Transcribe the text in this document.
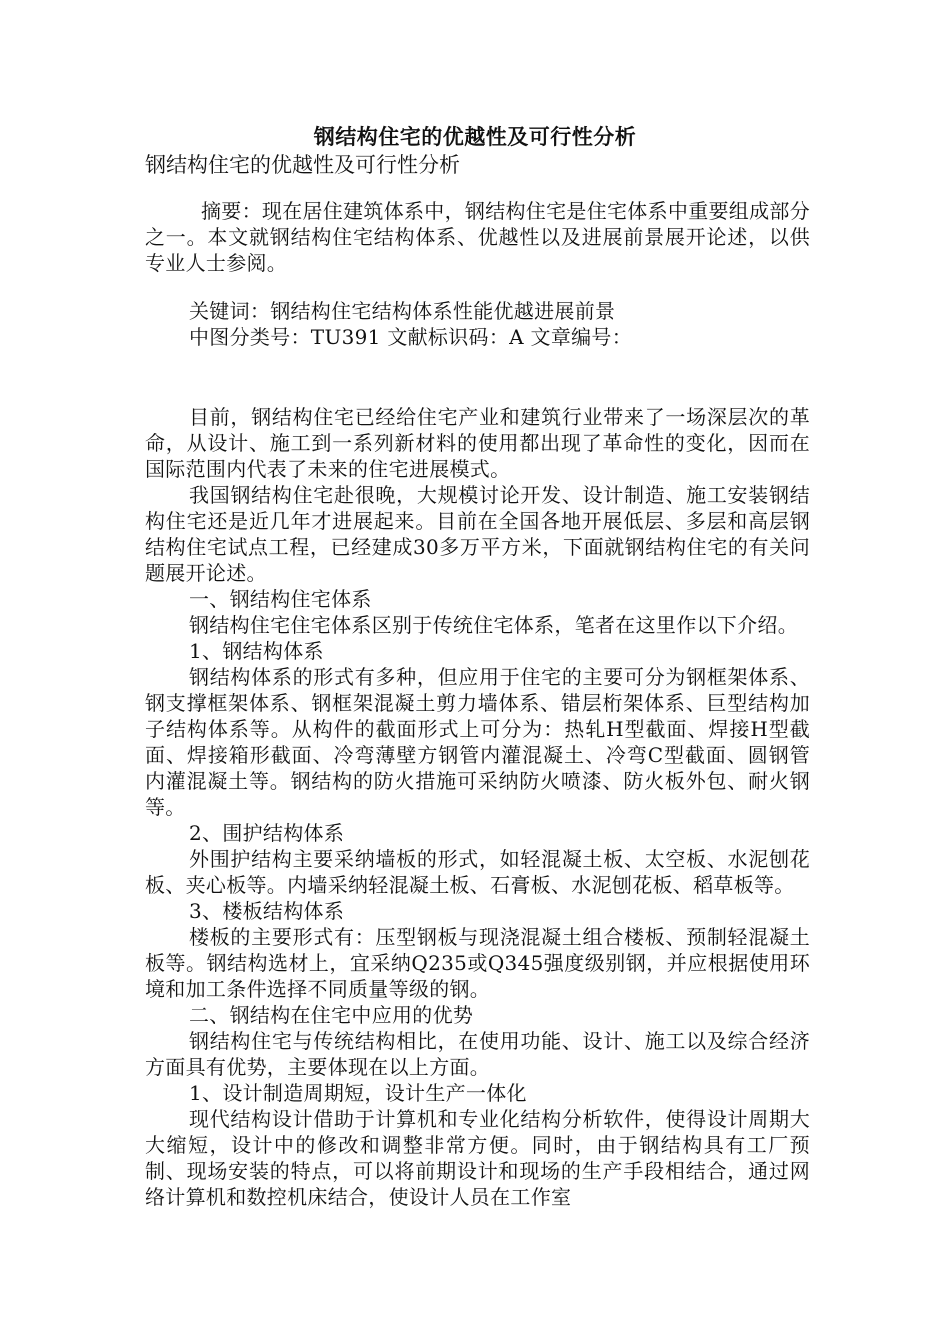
钢结构住宅的优越性及可行性分析
钢结构住宅的优越性及可行性分析

摘要：现在居住建筑体系中，钢结构住宅是住宅体系中重要组成部分之一。本文就钢结构住宅结构体系、优越性以及进展前景展开论述，以供专业人士参阅。

关键词：钢结构住宅结构体系性能优越进展前景

中图分类号：TU391 文献标识码：A 文章编号：

目前，钢结构住宅已经给住宅产业和建筑行业带来了一场深层次的革命，从设计、施工到一系列新材料的使用都出现了革命性的变化，因而在国际范围内代表了未来的住宅进展模式。

我国钢结构住宅赴很晚，大规模讨论开发、设计制造、施工安装钢结构住宅还是近几年才进展起来。目前在全国各地开展低层、多层和高层钢结构住宅试点工程，已经建成30多万平方米，下面就钢结构住宅的有关问题展开论述。

一、钢结构住宅体系

钢结构住宅住宅体系区别于传统住宅体系，笔者在这里作以下介绍。

1、钢结构体系

钢结构体系的形式有多种，但应用于住宅的主要可分为钢框架体系、钢支撑框架体系、钢框架混凝土剪力墙体系、错层桁架体系、巨型结构加子结构体系等。从构件的截面形式上可分为：热轧H型截面、焊接H型截面、焊接箱形截面、冷弯薄壁方钢管内灌混凝土、冷弯C型截面、圆钢管内灌混凝土等。钢结构的防火措施可采纳防火喷漆、防火板外包、耐火钢等。

2、围护结构体系

外围护结构主要采纳墙板的形式，如轻混凝土板、太空板、水泥刨花板、夹心板等。内墙采纳轻混凝土板、石膏板、水泥刨花板、稻草板等。

3、楼板结构体系

楼板的主要形式有：压型钢板与现浇混凝土组合楼板、预制轻混凝土板等。钢结构选材上，宜采纳Q235或Q345强度级别钢，并应根据使用环境和加工条件选择不同质量等级的钢。

二、钢结构在住宅中应用的优势

钢结构住宅与传统结构相比，在使用功能、设计、施工以及综合经济方面具有优势，主要体现在以上方面。

1、设计制造周期短，设计生产一体化

现代结构设计借助于计算机和专业化结构分析软件，使得设计周期大大缩短，设计中的修改和调整非常方便。同时，由于钢结构具有工厂预制、现场安装的特点，可以将前期设计和现场的生产手段相结合，通过网络计算机和数控机床结合，使设计人员在工作室
